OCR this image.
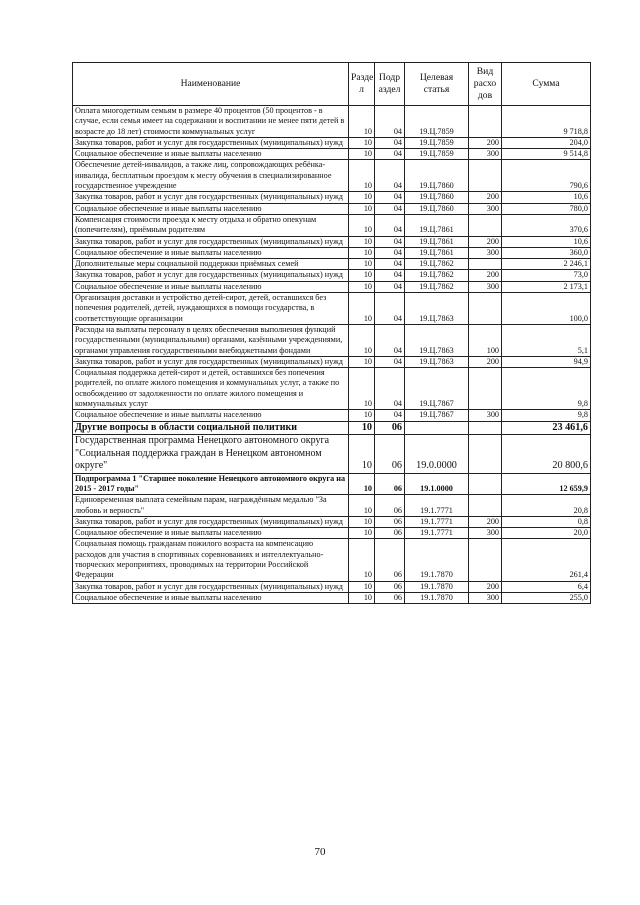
Наименование	Разде л	Подр аздел	Целевая статья	Вид расхо дов	Сумма
Оплата многодетным семьям в размере 40 процентов (50 процентов - в случае, если семья имеет на содержании и воспитании не менее пяти детей в возрасте до 18 лет) стоимости коммунальных услуг	10	04	19.Ц.7859		9 718,8
Закупка товаров, работ и услуг для государственных (муниципальных) нужд	10	04	19.Ц.7859	200	204,0
Социальное обеспечение и иные выплаты населению	10	04	19.Ц.7859	300	9 514,8
Обеспечение детей-инвалидов, а также лиц, сопровождающих ребёнка-инвалида, бесплатным проездом к месту обучения в специализированное государственное учреждение	10	04	19.Ц.7860		790,6
Закупка товаров, работ и услуг для государственных (муниципальных) нужд	10	04	19.Ц.7860	200	10,6
Социальное обеспечение и иные выплаты населению	10	04	19.Ц.7860	300	780,0
Компенсация стоимости проезда к месту отдыха и обратно опекунам (попечителям), приёмным родителям	10	04	19.Ц.7861		370,6
Закупка товаров, работ и услуг для государственных (муниципальных) нужд	10	04	19.Ц.7861	200	10,6
Социальное обеспечение и иные выплаты населению	10	04	19.Ц.7861	300	360,0
Дополнительные меры социальной поддержки приёмных семей	10	04	19.Ц.7862		2 246,1
Закупка товаров, работ и услуг для государственных (муниципальных) нужд	10	04	19.Ц.7862	200	73,0
Социальное обеспечение и иные выплаты населению	10	04	19.Ц.7862	300	2 173,1
Организация доставки и устройство детей-сирот, детей, оставшихся без попечения родителей, детей, нуждающихся в помощи государства, в соответствующие организации	10	04	19.Ц.7863		100,0
Расходы на выплаты персоналу в целях обеспечения выполнения функций государственными (муниципальными) органами, казёнными учреждениями, органами управления государственными внебюджетными фондами	10	04	19.Ц.7863	100	5,1
Закупка товаров, работ и услуг для государственных (муниципальных) нужд	10	04	19.Ц.7863	200	94,9
Социальная поддержка детей-сирот и детей, оставшихся без попечения родителей, по оплате жилого помещения и коммунальных услуг, а также по освобождению от задолженности по оплате жилого помещения и коммунальных услуг	10	04	19.Ц.7867		9,8
Социальное обеспечение и иные выплаты населению	10	04	19.Ц.7867	300	9,8
Другие вопросы в области социальной политики	10	06			23 461,6
Государственная программа Ненецкого автономного округа "Социальная поддержка граждан в Ненецком автономном округе"	10	06	19.0.0000		20 800,6
Подпрограмма 1 "Старшее поколение Ненецкого автономного округа на 2015 - 2017 годы"	10	06	19.1.0000		12 659,9
Единовременная выплата семейным парам, награждённым медалью "За любовь и верность"	10	06	19.1.7771		20,8
Закупка товаров, работ и услуг для государственных (муниципальных) нужд	10	06	19.1.7771	200	0,8
Социальное обеспечение и иные выплаты населению	10	06	19.1.7771	300	20,0
Социальная помощь гражданам пожилого возраста на компенсацию расходов для участия в спортивных соревнованиях и интеллектуально-творческих мероприятиях, проводимых на территории Российской Федерации	10	06	19.1.7870		261,4
Закупка товаров, работ и услуг для государственных (муниципальных) нужд	10	06	19.1.7870	200	6,4
Социальное обеспечение и иные выплаты населению	10	06	19.1.7870	300	255,0
70
